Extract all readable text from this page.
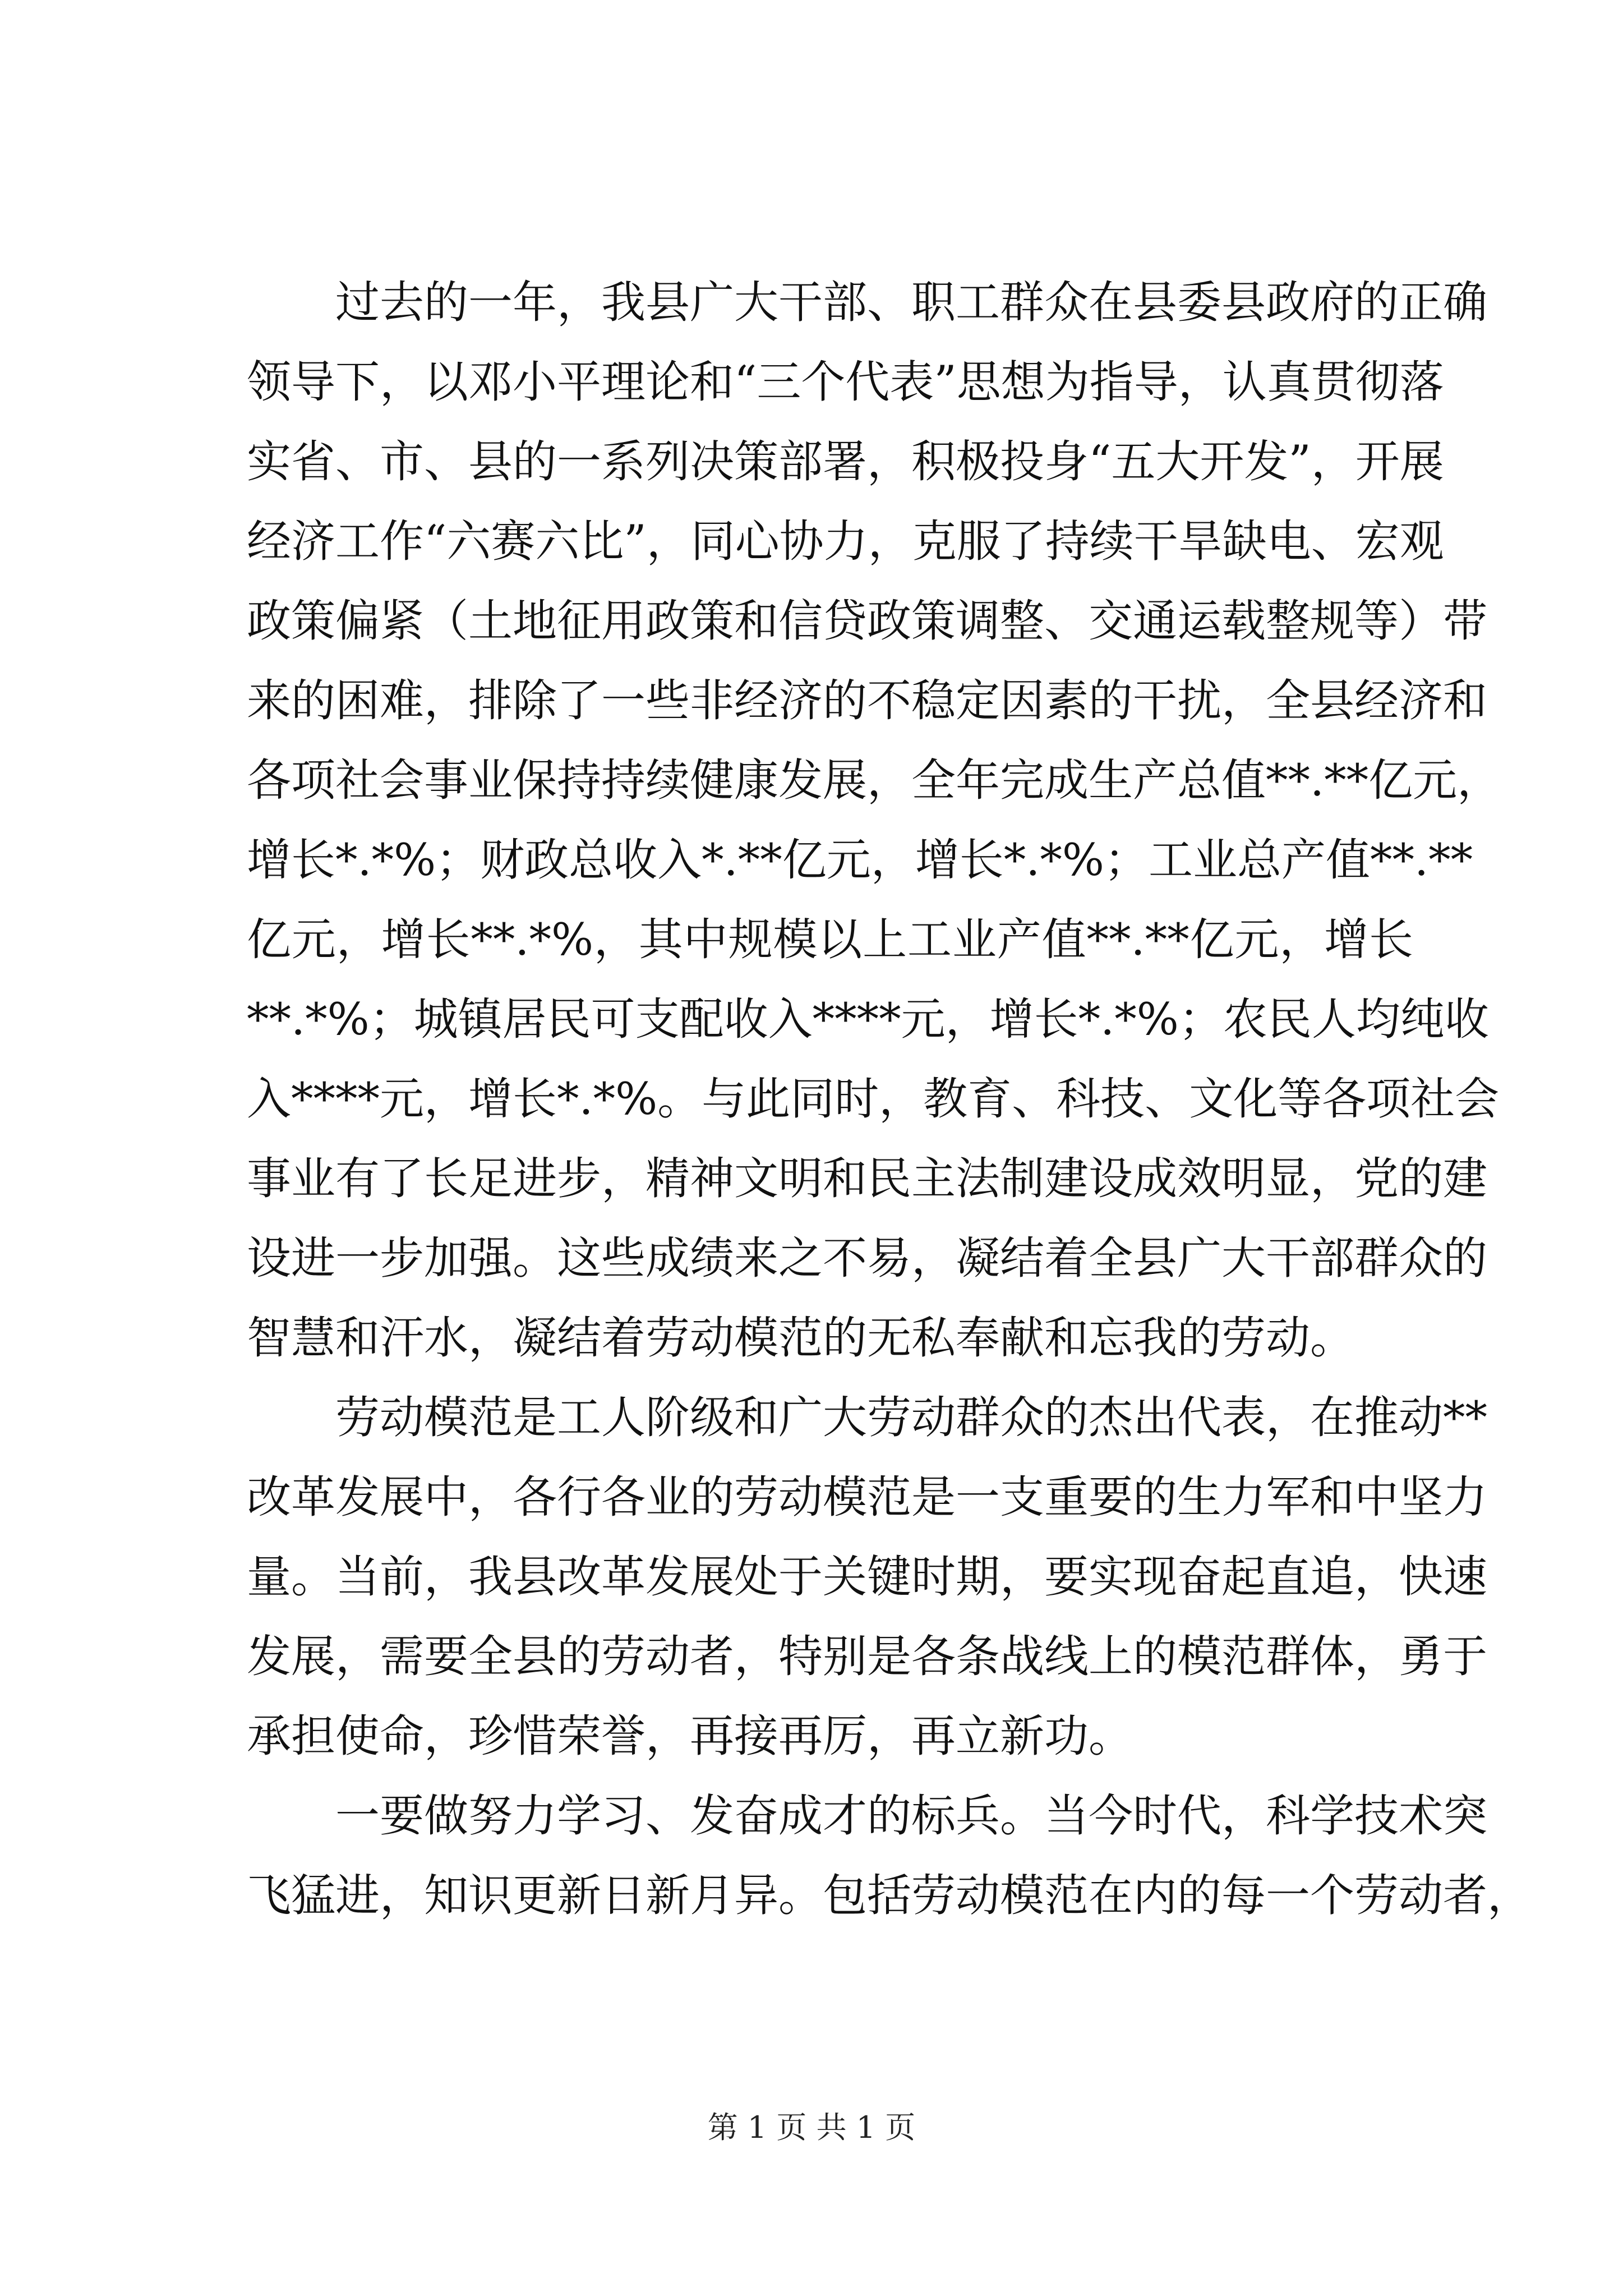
过去的一年，我县广大干部、职工群众在县委县政府的正确
领导下，以邓小平理论和“三个代表”思想为指导，认真贯彻落
实省、市、县的一系列决策部署，积极投身“五大开发”，开展
经济工作“六赛六比”，同心协力，克服了持续干旱缺电、宏观
政策偏紧（土地征用政策和信贷政策调整、交通运载整规等）带
来的困难，排除了一些非经济的不稳定因素的干扰，全县经济和
各项社会事业保持持续健康发展，全年完成生产总值**.**亿元，
增长*.*%；财政总收入*.**亿元，增长*.*%；工业总产值**.**
亿元，增长**.*%，其中规模以上工业产值**.**亿元，增长
**.*%；城镇居民可支配收入****元，增长*.*%；农民人均纯收
入****元，增长*.*%。与此同时，教育、科技、文化等各项社会
事业有了长足进步，精神文明和民主法制建设成效明显，党的建
设进一步加强。这些成绩来之不易，凝结着全县广大干部群众的
智慧和汗水，凝结着劳动模范的无私奉献和忘我的劳动。
劳动模范是工人阶级和广大劳动群众的杰出代表，在推动**
改革发展中，各行各业的劳动模范是一支重要的生力军和中坚力
量。当前，我县改革发展处于关键时期，要实现奋起直追，快速
发展，需要全县的劳动者，特别是各条战线上的模范群体，勇于
承担使命，珍惜荣誉，再接再厉，再立新功。
一要做努力学习、发奋成才的标兵。当今时代，科学技术突
飞猛进，知识更新日新月异。包括劳动模范在内的每一个劳动者，
第 1 页 共 1 页
